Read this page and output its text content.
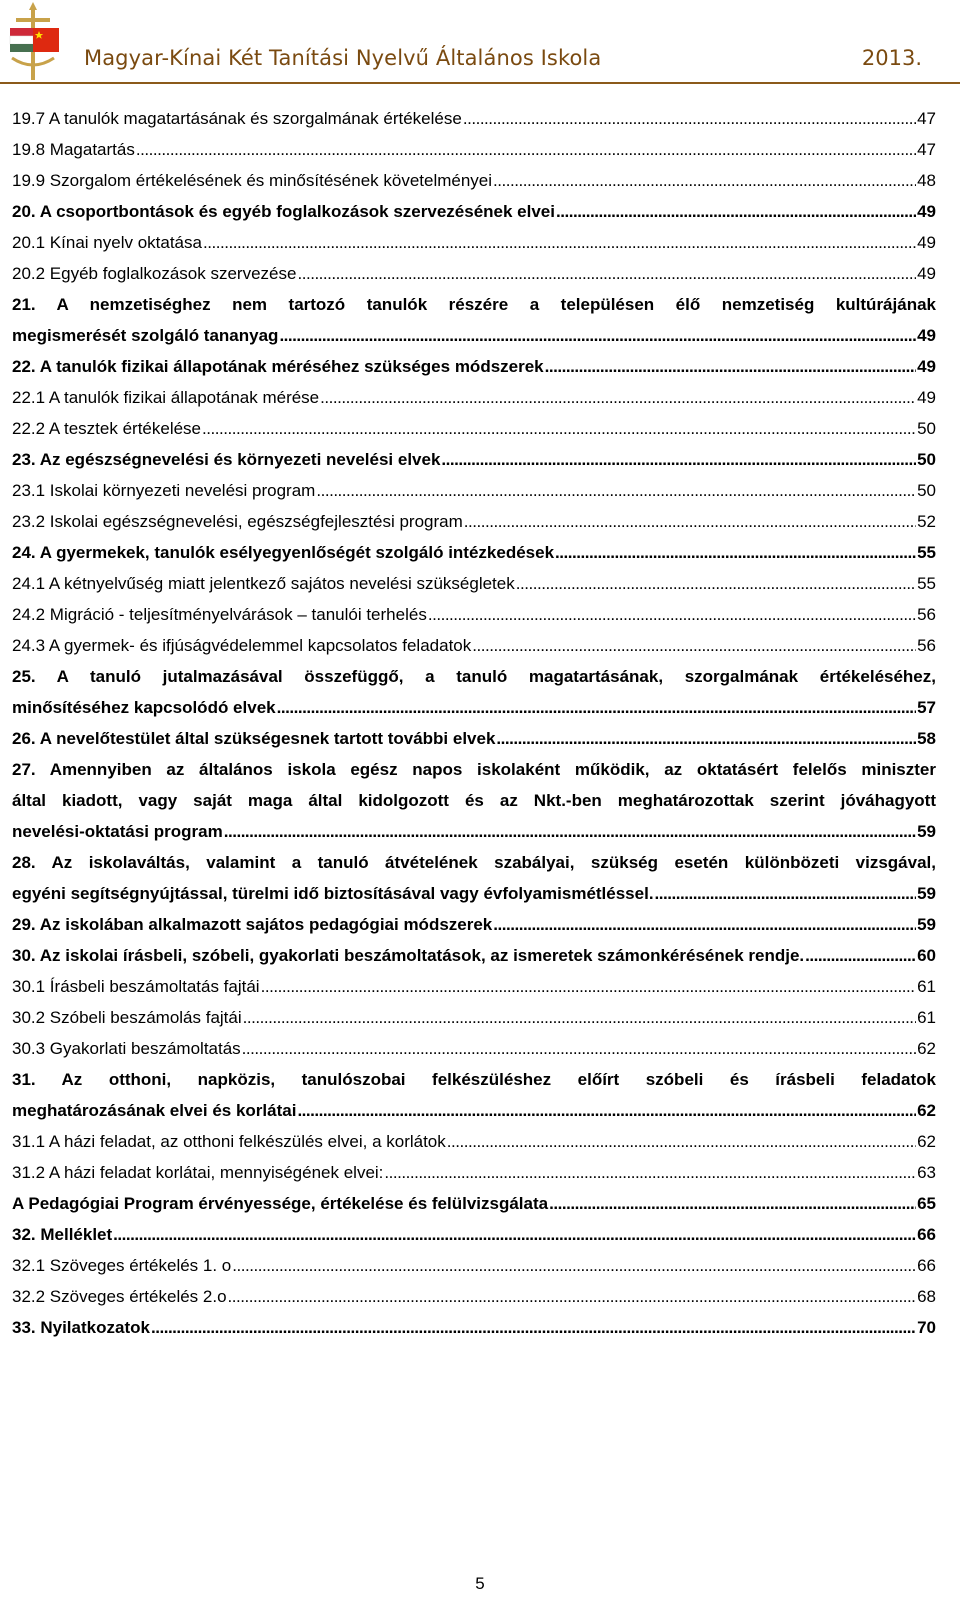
Magyar-Kínai Két Tanítási Nyelvű Általános Iskola	2013.
19.7 A tanulók magatartásának és szorgalmának értékelése . . .	47
19.8 Magatartás . . .	47
19.9 Szorgalom értékelésének és minősítésének követelményei . . .	48
20. A csoportbontások és egyéb foglalkozások szervezésének elvei . . .	49
20.1 Kínai nyelv oktatása . . .	49
20.2 Egyéb foglalkozások szervezése . . .	49
21. A nemzetiséghez nem tartozó tanulók részére a településen élő nemzetiség kultúrájának
megismerését szolgáló tananyag . . .	49
22. A tanulók fizikai állapotának méréséhez szükséges módszerek . . .	49
22.1 A tanulók fizikai állapotának mérése . . .	49
22.2 A tesztek értékelése . . .	50
23. Az egészségnevelési és környezeti nevelési elvek . . .	50
23.1 Iskolai környezeti nevelési program . . .	50
23.2 Iskolai egészségnevelési, egészségfejlesztési program . . .	52
24. A gyermekek, tanulók esélyegyenlőségét szolgáló intézkedések . . .	55
24.1 A kétnyelvűség miatt jelentkező sajátos nevelési szükségletek . . .	55
24.2 Migráció - teljesítményelvárások – tanulói terhelés . . .	56
24.3 A gyermek- és ifjúságvédelemmel kapcsolatos feladatok . . .	56
25. A tanuló jutalmazásával összefüggő, a tanuló magatartásának, szorgalmának értékeléséhez,
minősítéséhez kapcsolódó elvek . . .	57
26. A nevelőtestület által szükségesnek tartott további elvek . . .	58
27. Amennyiben az általános iskola egész napos iskolaként működik, az oktatásért felelős miniszter
által kiadott, vagy saját maga által kidolgozott és az Nkt.-ben meghatározottak szerint jóváhagyott
nevelési-oktatási program . . .	59
28. Az iskolaváltás, valamint a tanuló átvételének szabályai, szükség esetén különbözeti vizsgával,
egyéni segítségnyújtással, türelmi idő biztosításával vagy évfolyamismétléssel. . . .	59
29. Az iskolában alkalmazott sajátos pedagógiai módszerek . . .	59
30. Az iskolai írásbeli, szóbeli, gyakorlati beszámoltatások, az ismeretek számonkérésének rendje. . . .	60
30.1 Írásbeli beszámoltatás fajtái . . .	61
30.2 Szóbeli beszámolás fajtái . . .	61
30.3 Gyakorlati beszámoltatás . . .	62
31. Az otthoni, napközis, tanulószobai felkészüléshez előírt szóbeli és írásbeli feladatok
meghatározásának elvei és korlátai . . .	62
31.1 A házi feladat, az otthoni felkészülés elvei, a korlátok . . .	62
31.2 A házi feladat korlátai, mennyiségének elvei: . . .	63
A Pedagógiai Program érvényessége, értékelése és felülvizsgálata . . .	65
32. Melléklet . . .	66
32.1 Szöveges értékelés 1. o . . .	66
32.2 Szöveges értékelés 2.o . . .	68
33. Nyilatkozatok . . .	70
5
